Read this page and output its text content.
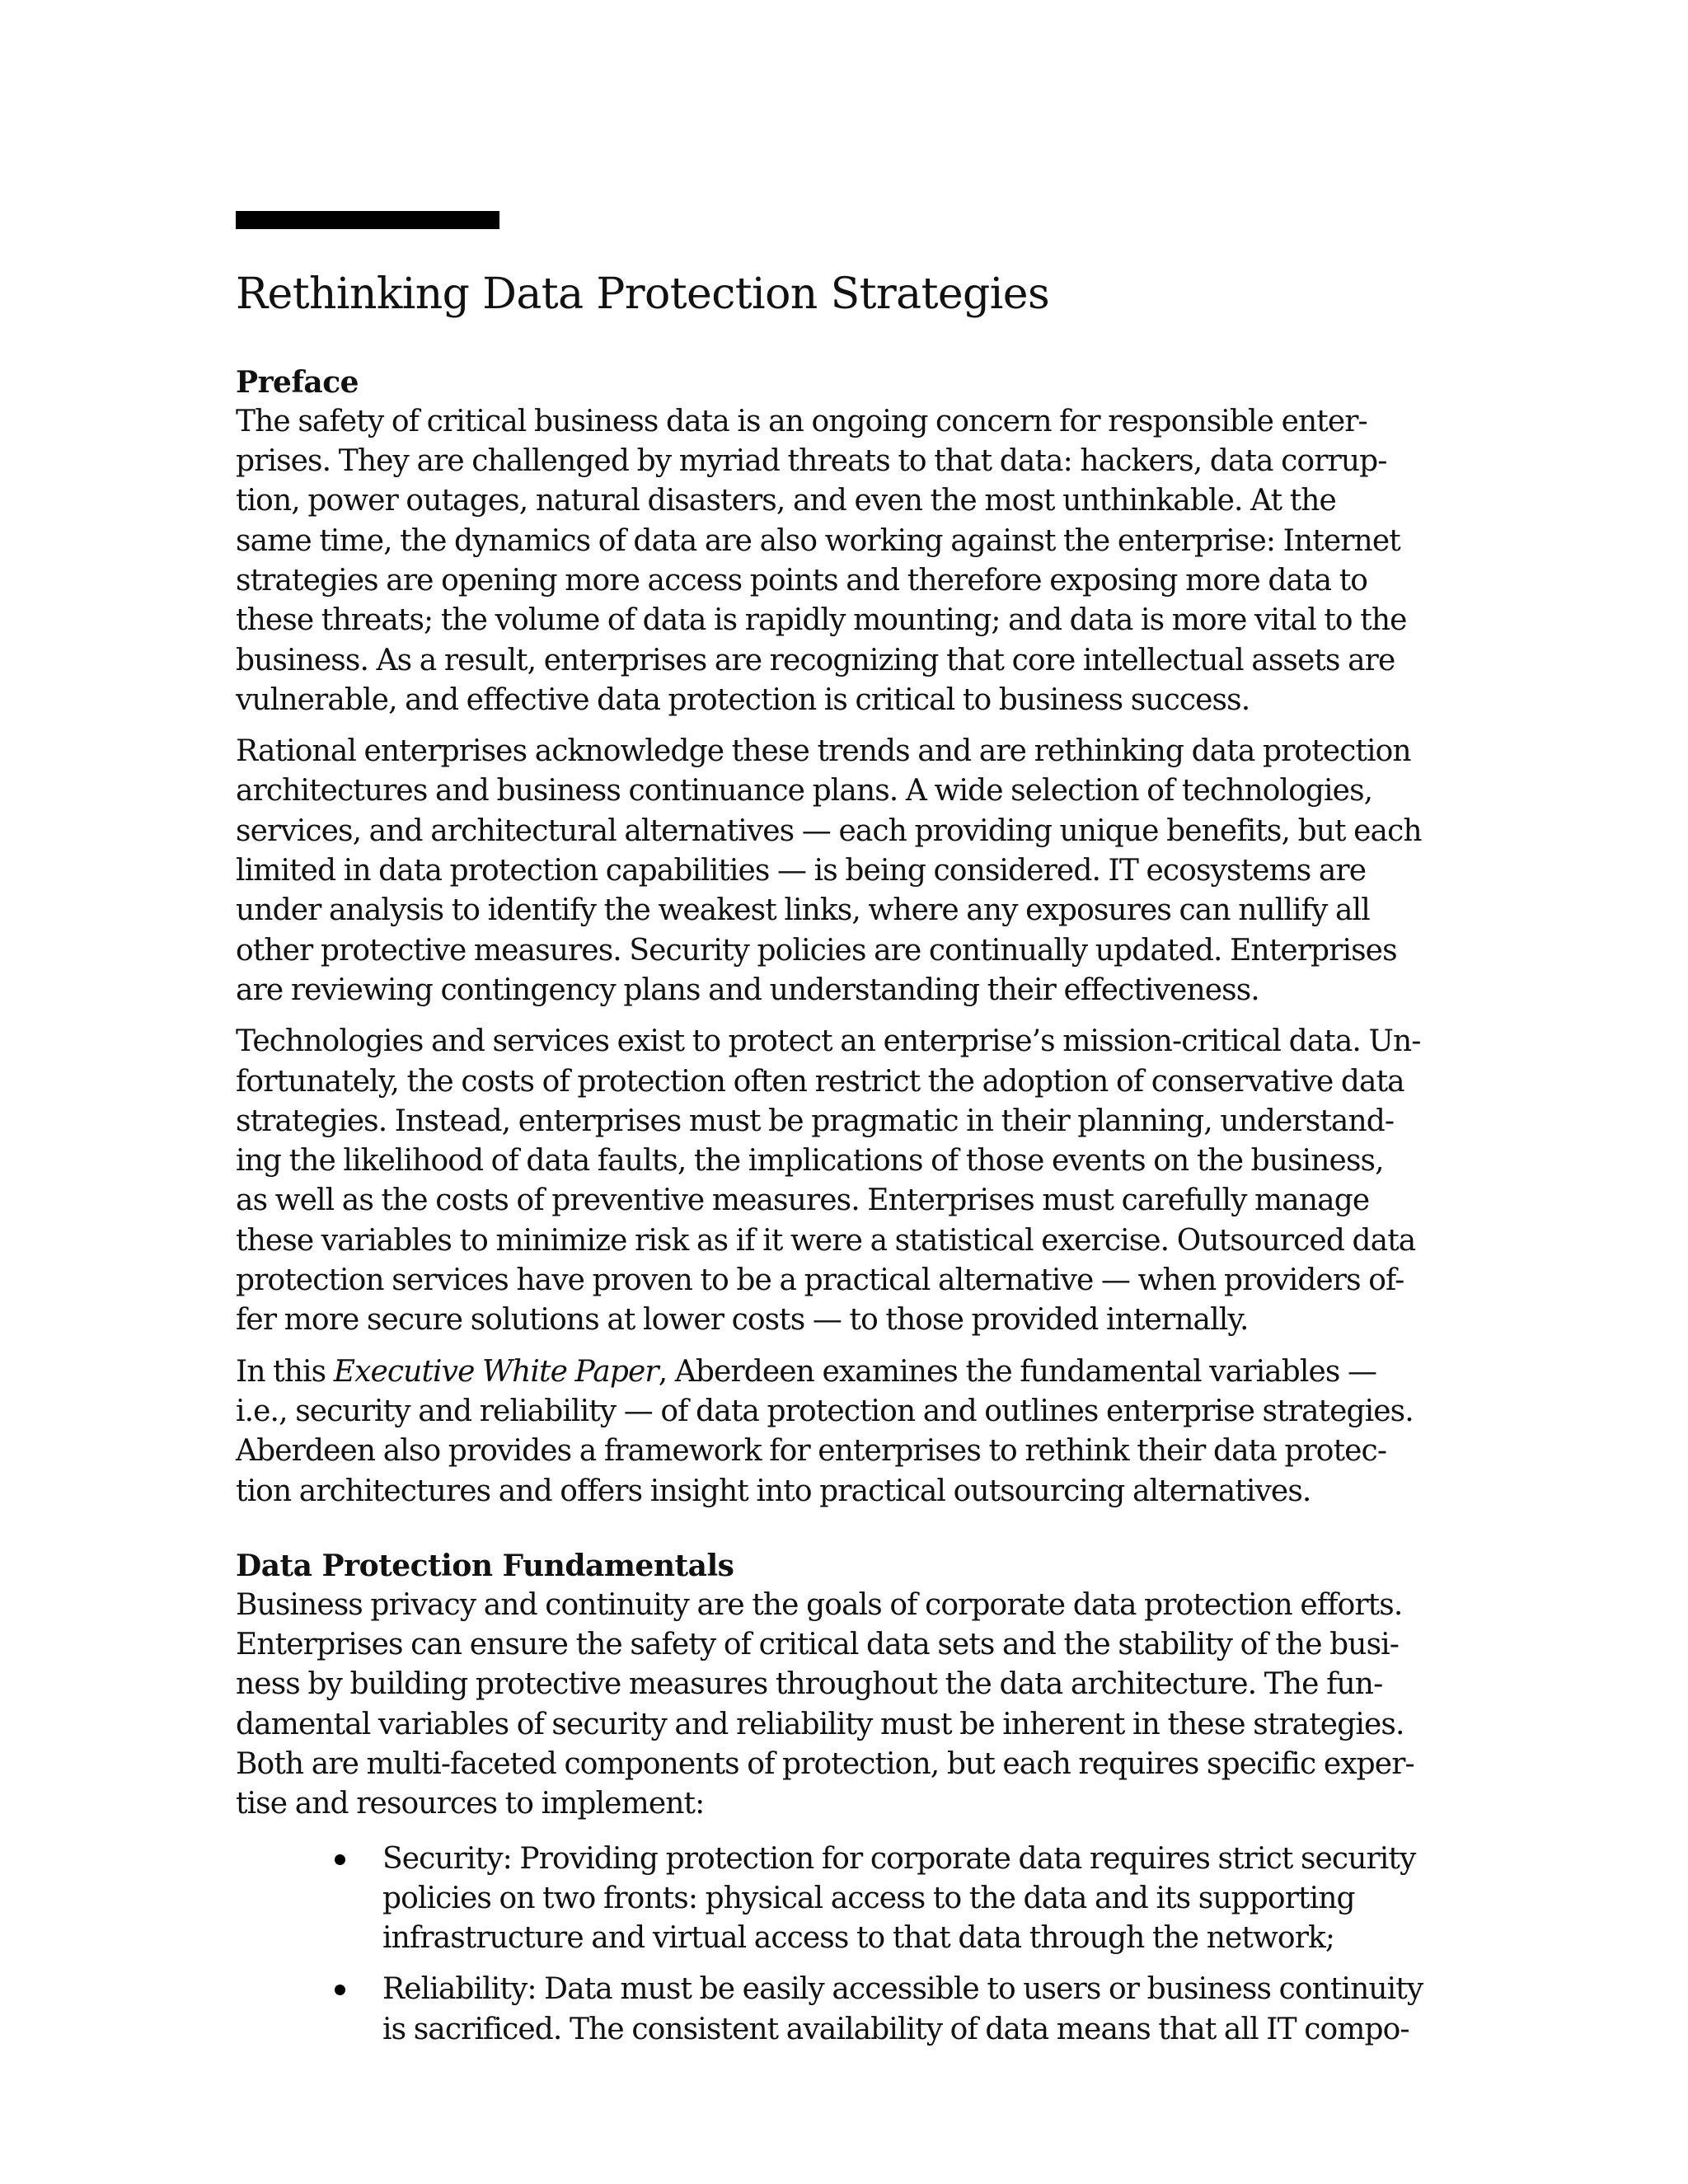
Rethinking Data Protection Strategies
Preface

The safety of critical business data is an ongoing concern for responsible enter-
prises. They are challenged by myriad threats to that data: hackers, data corrup-
tion, power outages, natural disasters, and even the most unthinkable. At the
same time, the dynamics of data are also working against the enterprise: Internet
strategies are opening more access points and therefore exposing more data to
these threats; the volume of data is rapidly mounting; and data is more vital to the
business. As a result, enterprises are recognizing that core intellectual assets are
vulnerable, and effective data protection is critical to business success.

Rational enterprises acknowledge these trends and are rethinking data protection
architectures and business continuance plans. A wide selection of technologies,
services, and architectural alternatives — each providing unique benefits, but each
limited in data protection capabilities — is being considered. IT ecosystems are
under analysis to identify the weakest links, where any exposures can nullify all
other protective measures. Security policies are continually updated. Enterprises
are reviewing contingency plans and understanding their effectiveness.

Technologies and services exist to protect an enterprise’s mission-critical data. Un-
fortunately, the costs of protection often restrict the adoption of conservative data
strategies. Instead, enterprises must be pragmatic in their planning, understand-
ing the likelihood of data faults, the implications of those events on the business,
as well as the costs of preventive measures. Enterprises must carefully manage
these variables to minimize risk as if it were a statistical exercise. Outsourced data
protection services have proven to be a practical alternative — when providers of-
fer more secure solutions at lower costs — to those provided internally.

In this Executive White Paper, Aberdeen examines the fundamental variables —
i.e., security and reliability — of data protection and outlines enterprise strategies.
Aberdeen also provides a framework for enterprises to rethink their data protec-
tion architectures and offers insight into practical outsourcing alternatives.

Data Protection Fundamentals

Business privacy and continuity are the goals of corporate data protection efforts.
Enterprises can ensure the safety of critical data sets and the stability of the busi-
ness by building protective measures throughout the data architecture. The fun-
damental variables of security and reliability must be inherent in these strategies.
Both are multi-faceted components of protection, but each requires specific exper-
tise and resources to implement:

Security: Providing protection for corporate data requires strict security
policies on two fronts: physical access to the data and its supporting
infrastructure and virtual access to that data through the network;
Reliability: Data must be easily accessible to users or business continuity
is sacrificed. The consistent availability of data means that all IT compo-
